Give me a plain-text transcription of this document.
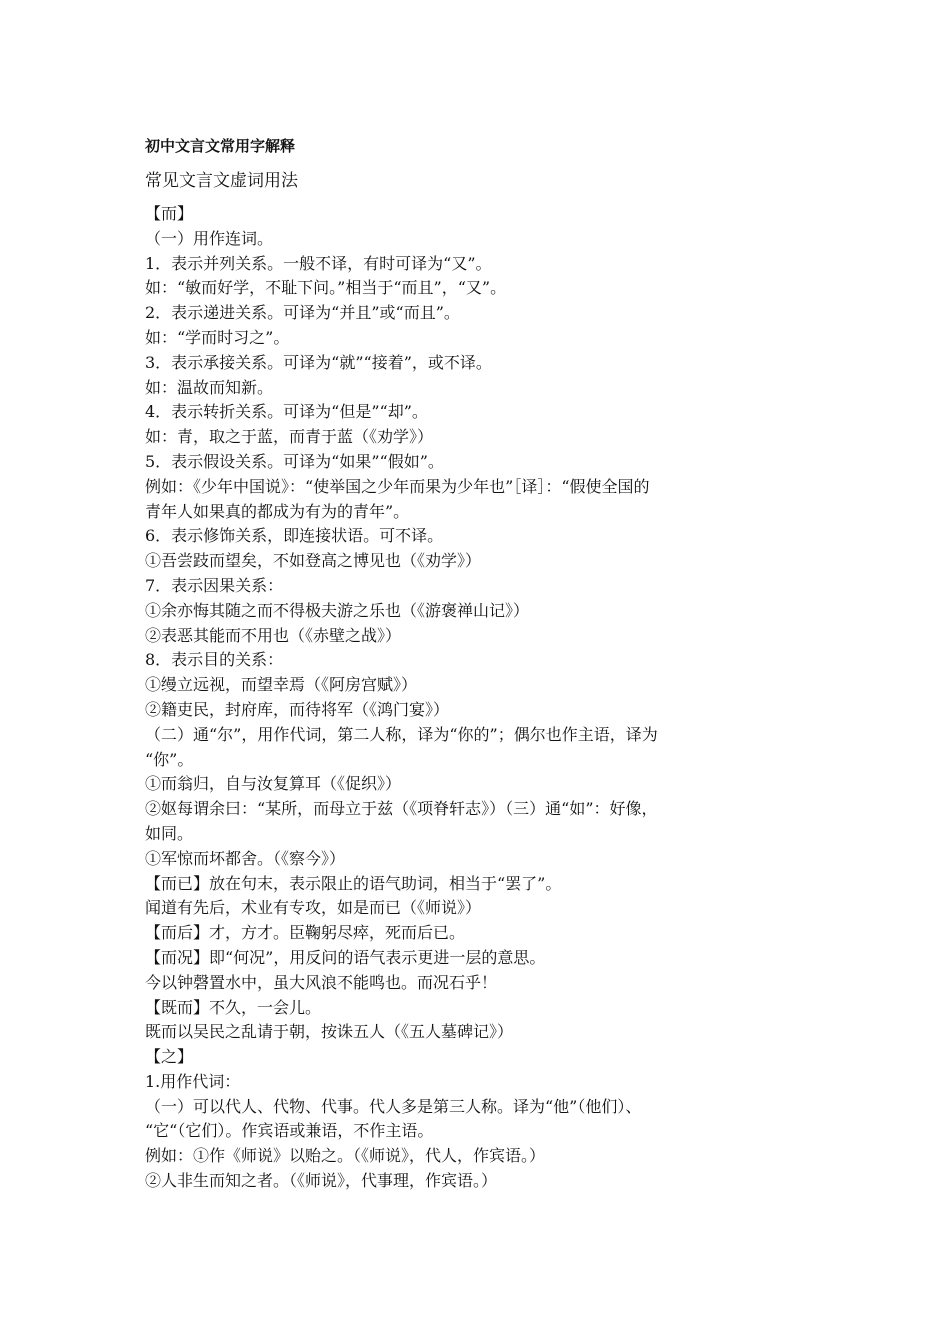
初中文言文常用字解释
常见文言文虚词用法
【而】
（一）用作连词。
1．表示并列关系。一般不译，有时可译为“又”。
如：“敏而好学，不耻下问。”相当于“而且”，“又”。
2．表示递进关系。可译为“并且”或“而且”。
如：“学而时习之”。
3．表示承接关系。可译为“就”“接着”，或不译。
如：温故而知新。
4．表示转折关系。可译为“但是”“却”。
如：青，取之于蓝，而青于蓝（《劝学》）
5．表示假设关系。可译为“如果”“假如”。
例如：《少年中国说》：“使举国之少年而果为少年也”［译］：“假使全国的
青年人如果真的都成为有为的青年”。
6．表示修饰关系，即连接状语。可不译。
①吾尝跂而望矣，不如登高之博见也（《劝学》）
7．表示因果关系：
①余亦悔其随之而不得极夫游之乐也（《游褒禅山记》）
②表恶其能而不用也（《赤壁之战》）
8．表示目的关系：
①缦立远视，而望幸焉（《阿房宫赋》）
②籍吏民，封府库，而待将军（《鸿门宴》）
（二）通“尔”，用作代词，第二人称，译为“你的”；偶尔也作主语，译为
“你”。
①而翁归，自与汝复算耳（《促织》）
②妪每谓余曰：“某所，而母立于兹（《项脊轩志》）（三）通“如”：好像，
如同。
①军惊而坏都舍。（《察今》）
【而已】放在句末，表示限止的语气助词，相当于“罢了”。
闻道有先后，术业有专攻，如是而已（《师说》）
【而后】才，方才。臣鞠躬尽瘁，死而后已。
【而况】即“何况”，用反问的语气表示更进一层的意思。
今以钟磬置水中，虽大风浪不能鸣也。而况石乎！
【既而】不久，一会儿。
既而以吴民之乱请于朝，按诛五人（《五人墓碑记》）
【之】
1.用作代词：
（一）可以代人、代物、代事。代人多是第三人称。译为“他”（他们）、
“它“（它们）。作宾语或兼语，不作主语。
例如：①作《师说》以贻之。（《师说》，代人，作宾语。）
②人非生而知之者。（《师说》，代事理，作宾语。）
